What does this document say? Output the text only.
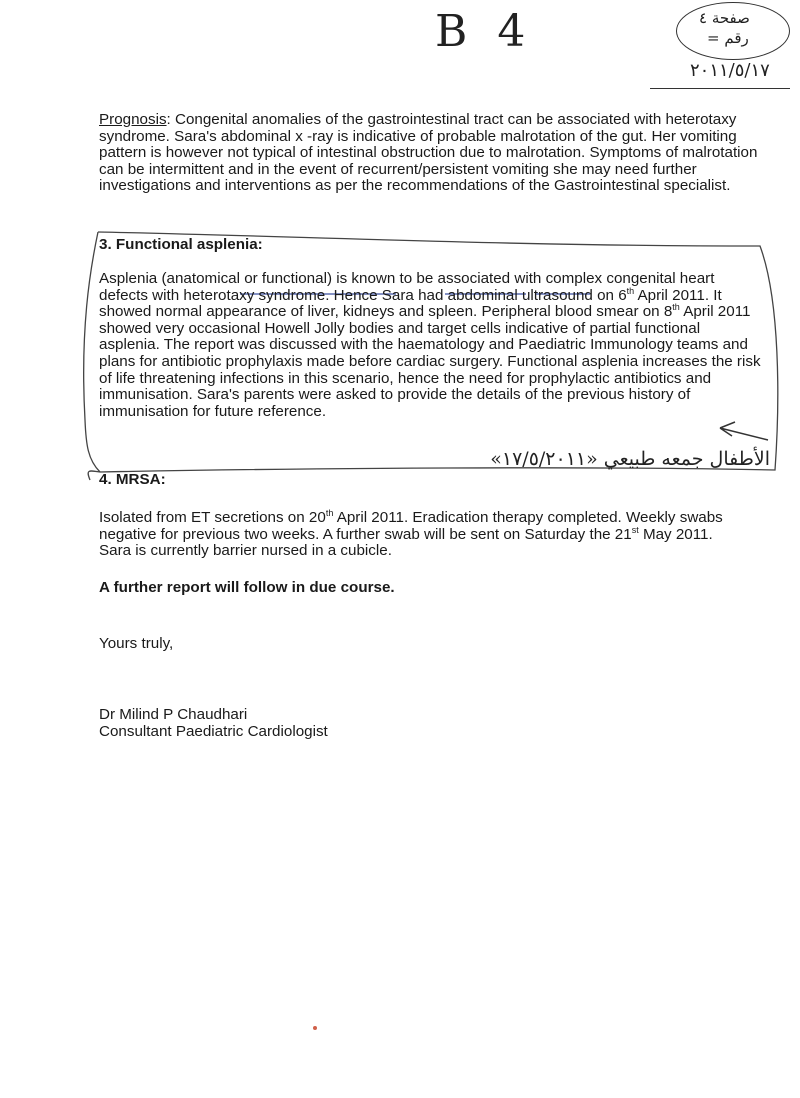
B 4	صفحة ٤
رقم =
٢٠١١/٥/١٧
Prognosis: Congenital anomalies of the gastrointestinal tract can be associated with heterotaxy syndrome. Sara's abdominal x -ray is indicative of probable malrotation of the gut. Her vomiting pattern is however not typical of intestinal obstruction due to malrotation. Symptoms of malrotation can be intermittent and in the event of recurrent/persistent vomiting she may need further investigations and interventions as per the recommendations of the Gastrointestinal specialist.
3. Functional asplenia:
Asplenia (anatomical or functional) is known to be associated with complex congenital heart defects with heterotaxy syndrome. Hence Sara had abdominal ultrasound on 6th April 2011. It showed normal appearance of liver, kidneys and spleen. Peripheral blood smear on 8th April 2011 showed very occasional Howell Jolly bodies and target cells indicative of partial functional asplenia. The report was discussed with the haematology and Paediatric Immunology teams and plans for antibiotic prophylaxis made before cardiac surgery. Functional asplenia increases the risk of life threatening infections in this scenario, hence the need for prophylactic antibiotics and immunisation. Sara's parents were asked to provide the details of the previous history of immunisation for future reference.
الأطفال جمعه طبيعي «١٧/٥/٢٠١١»
4. MRSA:
Isolated from ET secretions on 20th April 2011. Eradication therapy completed. Weekly swabs negative for previous two weeks. A further swab will be sent on Saturday the 21st May 2011. Sara is currently barrier nursed in a cubicle.
A further report will follow in due course.
Yours truly,
Dr Milind P Chaudhari
Consultant Paediatric Cardiologist
